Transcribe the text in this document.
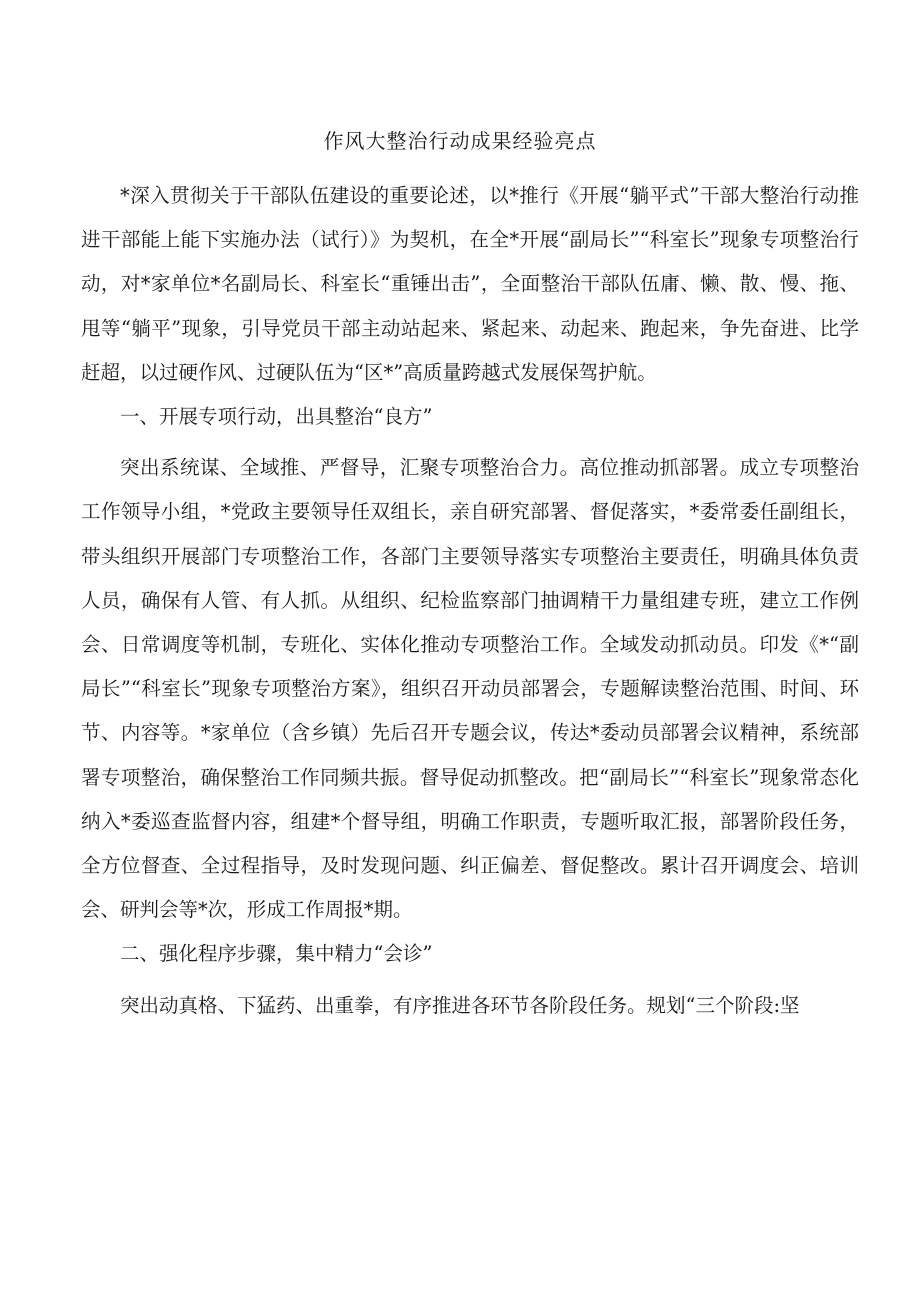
作风大整治行动成果经验亮点

*深入贯彻关于干部队伍建设的重要论述，以*推行《开展“躺平式”干部大整治行动推进干部能上能下实施办法（试行）》为契机，在全*开展“副局长”“科室长”现象专项整治行动，对*家单位*名副局长、科室长“重锤出击”，全面整治干部队伍庸、懒、散、慢、拖、甩等“躺平”现象，引导党员干部主动站起来、紧起来、动起来、跑起来，争先奋进、比学赶超，以过硬作风、过硬队伍为“区*”高质量跨越式发展保驾护航。

一、开展专项行动，出具整治“良方”

突出系统谋、全域推、严督导，汇聚专项整治合力。高位推动抓部署。成立专项整治工作领导小组，*党政主要领导任双组长，亲自研究部署、督促落实，*委常委任副组长，带头组织开展部门专项整治工作，各部门主要领导落实专项整治主要责任，明确具体负责人员，确保有人管、有人抓。从组织、纪检监察部门抽调精干力量组建专班，建立工作例会、日常调度等机制，专班化、实体化推动专项整治工作。全域发动抓动员。印发《*“副局长”“科室长”现象专项整治方案》，组织召开动员部署会，专题解读整治范围、时间、环节、内容等。*家单位（含乡镇）先后召开专题会议，传达*委动员部署会议精神，系统部署专项整治，确保整治工作同频共振。督导促动抓整改。把“副局长”“科室长”现象常态化纳入*委巡查监督内容，组建*个督导组，明确工作职责，专题听取汇报，部署阶段任务，全方位督查、全过程指导，及时发现问题、纠正偏差、督促整改。累计召开调度会、培训会、研判会等*次，形成工作周报*期。

二、强化程序步骤，集中精力“会诊”

突出动真格、下猛药、出重拳，有序推进各环节各阶段任务。规划“三个阶段:坚
